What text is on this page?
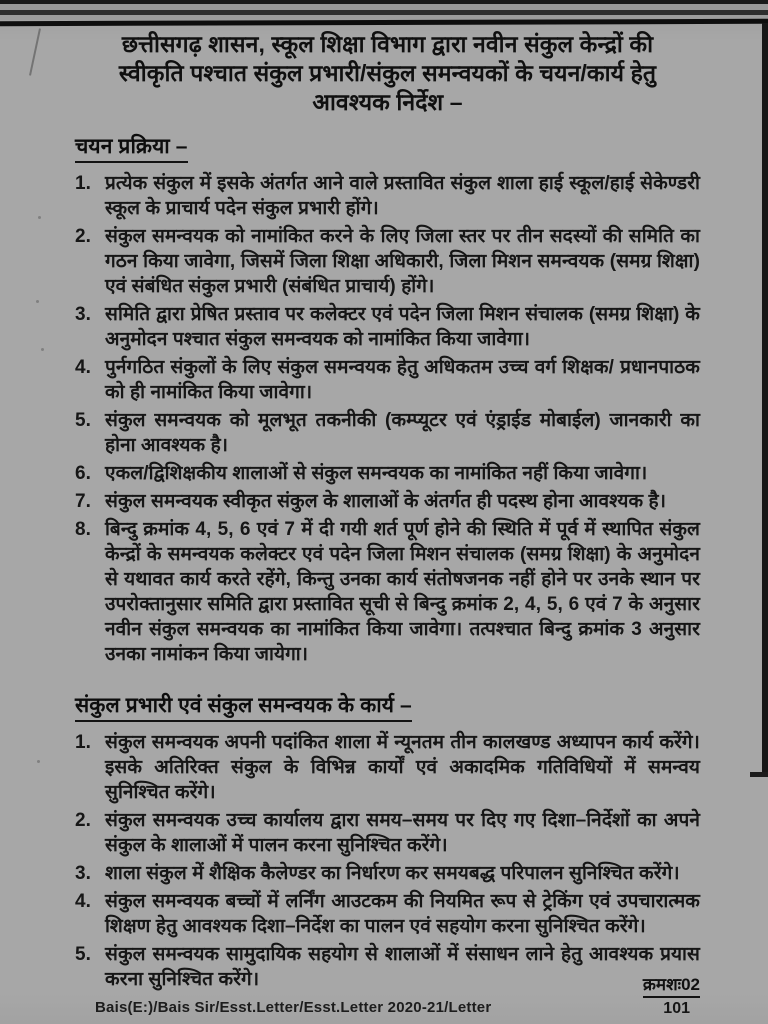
छत्तीसगढ़ शासन, स्कूल शिक्षा विभाग द्वारा नवीन संकुल केन्द्रों की
स्वीकृति पश्चात संकुल प्रभारी/संकुल समन्वयकों के चयन/कार्य हेतु
आवश्यक निर्देश –
चयन प्रक्रिया –
1. प्रत्येक संकुल में इसके अंतर्गत आने वाले प्रस्तावित संकुल शाला हाई स्कूल/हाई सेकेण्डरी स्कूल के प्राचार्य पदेन संकुल प्रभारी होंगे।
2. संकुल समन्वयक को नामांकित करने के लिए जिला स्तर पर तीन सदस्यों की समिति का गठन किया जावेगा, जिसमें जिला शिक्षा अधिकारी, जिला मिशन समन्वयक (समग्र शिक्षा) एवं संबंधित संकुल प्रभारी (संबंधित प्राचार्य) होंगे।
3. समिति द्वारा प्रेषित प्रस्ताव पर कलेक्टर एवं पदेन जिला मिशन संचालक (समग्र शिक्षा) के अनुमोदन पश्चात संकुल समन्वयक को नामांकित किया जावेगा।
4. पुर्नगठित संकुलों के लिए संकुल समन्वयक हेतु अधिकतम उच्च वर्ग शिक्षक/ प्रधानपाठक को ही नामांकित किया जावेगा।
5. संकुल समन्वयक को मूलभूत तकनीकी (कम्प्यूटर एवं एंड्राईड मोबाईल) जानकारी का होना आवश्यक है।
6. एकल/द्विशिक्षकीय शालाओं से संकुल समन्वयक का नामांकित नहीं किया जावेगा।
7. संकुल समन्वयक स्वीकृत संकुल के शालाओं के अंतर्गत ही पदस्थ होना आवश्यक है।
8. बिन्दु क्रमांक 4, 5, 6 एवं 7 में दी गयी शर्त पूर्ण होने की स्थिति में पूर्व में स्थापित संकुल केन्द्रों के समन्वयक कलेक्टर एवं पदेन जिला मिशन संचालक (समग्र शिक्षा) के अनुमोदन से यथावत कार्य करते रहेंगे, किन्तु उनका कार्य संतोषजनक नहीं होने पर उनके स्थान पर उपरोक्तानुसार समिति द्वारा प्रस्तावित सूची से बिन्दु क्रमांक 2, 4, 5, 6 एवं 7 के अनुसार नवीन संकुल समन्वयक का नामांकित किया जावेगा। तत्पश्चात बिन्दु क्रमांक 3 अनुसार उनका नामांकन किया जायेगा।
संकुल प्रभारी एवं संकुल समन्वयक के कार्य –
1. संकुल समन्वयक अपनी पदांकित शाला में न्यूनतम तीन कालखण्ड अध्यापन कार्य करेंगे। इसके अतिरिक्त संकुल के विभिन्न कार्यों एवं अकादमिक गतिविधियों में समन्वय सुनिश्चित करेंगे।
2. संकुल समन्वयक उच्च कार्यालय द्वारा समय–समय पर दिए गए दिशा–निर्देशों का अपने संकुल के शालाओं में पालन करना सुनिश्चित करेंगे।
3. शाला संकुल में शैक्षिक कैलेण्डर का निर्धारण कर समयबद्ध परिपालन सुनिश्चित करेंगे।
4. संकुल समन्वयक बच्चों में लर्निंग आउटकम की नियमित रूप से ट्रेकिंग एवं उपचारात्मक शिक्षण हेतु आवश्यक दिशा–निर्देश का पालन एवं सहयोग करना सुनिश्चित करेंगे।
5. संकुल समन्वयक सामुदायिक सहयोग से शालाओं में संसाधन लाने हेतु आवश्यक प्रयास करना सुनिश्चित करेंगे।	क्रमशः02
101
Bais(E:)/Bais Sir/Esst.Letter/Esst.Letter 2020-21/Letter
